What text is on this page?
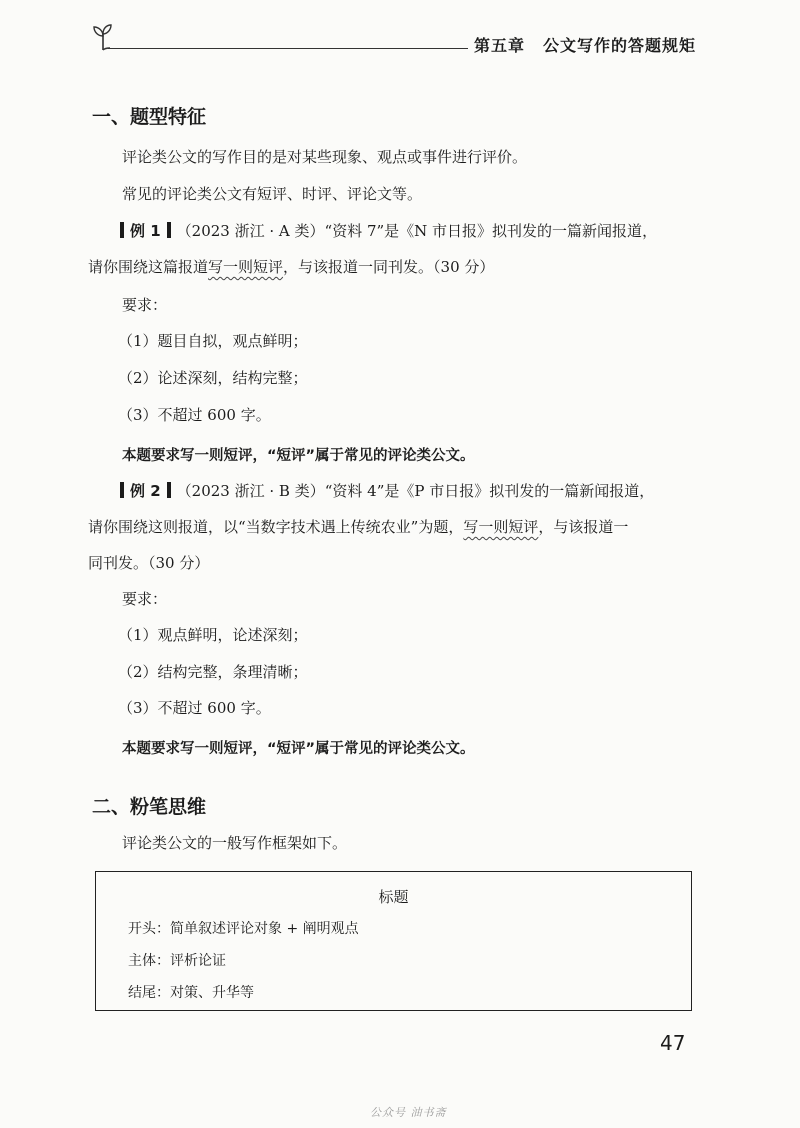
第五章 公文写作的答题规矩
一、题型特征
评论类公文的写作目的是对某些现象、观点或事件进行评价。
常见的评论类公文有短评、时评、评论文等。
例 1 （2023 浙江 · A 类）“资料 7”是《N 市日报》拟刊发的一篇新闻报道，
请你围绕这篇报道写一则短评，与该报道一同刊发。（30 分）
要求：
（1）题目自拟，观点鲜明；
（2）论述深刻，结构完整；
（3）不超过 600 字。
本题要求写一则短评，“短评”属于常见的评论类公文。
例 2 （2023 浙江 · B 类）“资料 4”是《P 市日报》拟刊发的一篇新闻报道，
请你围绕这则报道，以“当数字技术遇上传统农业”为题，写一则短评，与该报道一
同刊发。（30 分）
要求：
（1）观点鲜明，论述深刻；
（2）结构完整，条理清晰；
（3）不超过 600 字。
本题要求写一则短评，“短评”属于常见的评论类公文。
二、粉笔思维
评论类公文的一般写作框架如下。
标题
开头：简单叙述评论对象 + 阐明观点
主体：评析论证
结尾：对策、升华等
47
公众号 油书斋
